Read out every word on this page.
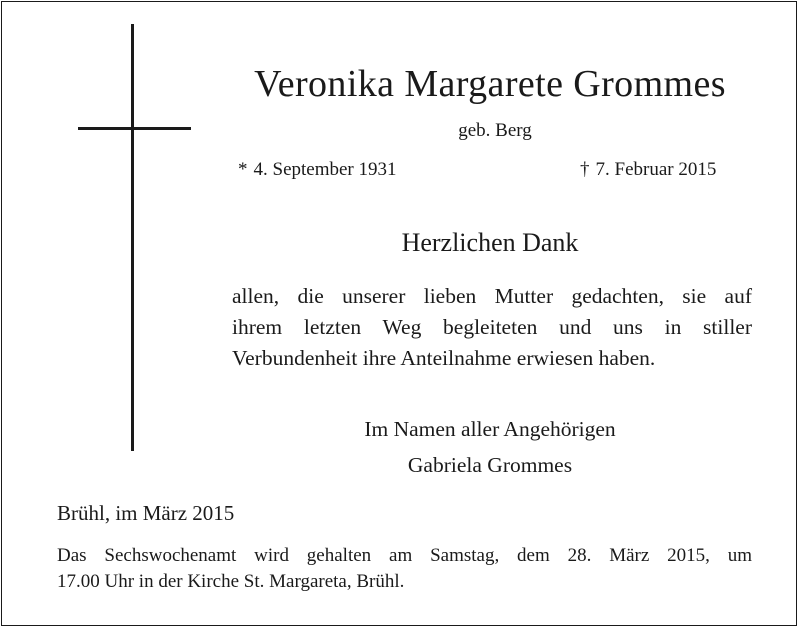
Veronika Margarete Grommes
geb. Berg
* 4. September 1931	† 7. Februar 2015
Herzlichen Dank
allen, die unserer lieben Mutter gedachten, sie auf
ihrem letzten Weg begleiteten und uns in stiller
Verbundenheit ihre Anteilnahme erwiesen haben.
Im Namen aller Angehörigen
Gabriela Grommes
Brühl, im März 2015
Das Sechswochenamt wird gehalten am Samstag, dem 28. März 2015, um
17.00 Uhr in der Kirche St. Margareta, Brühl.
